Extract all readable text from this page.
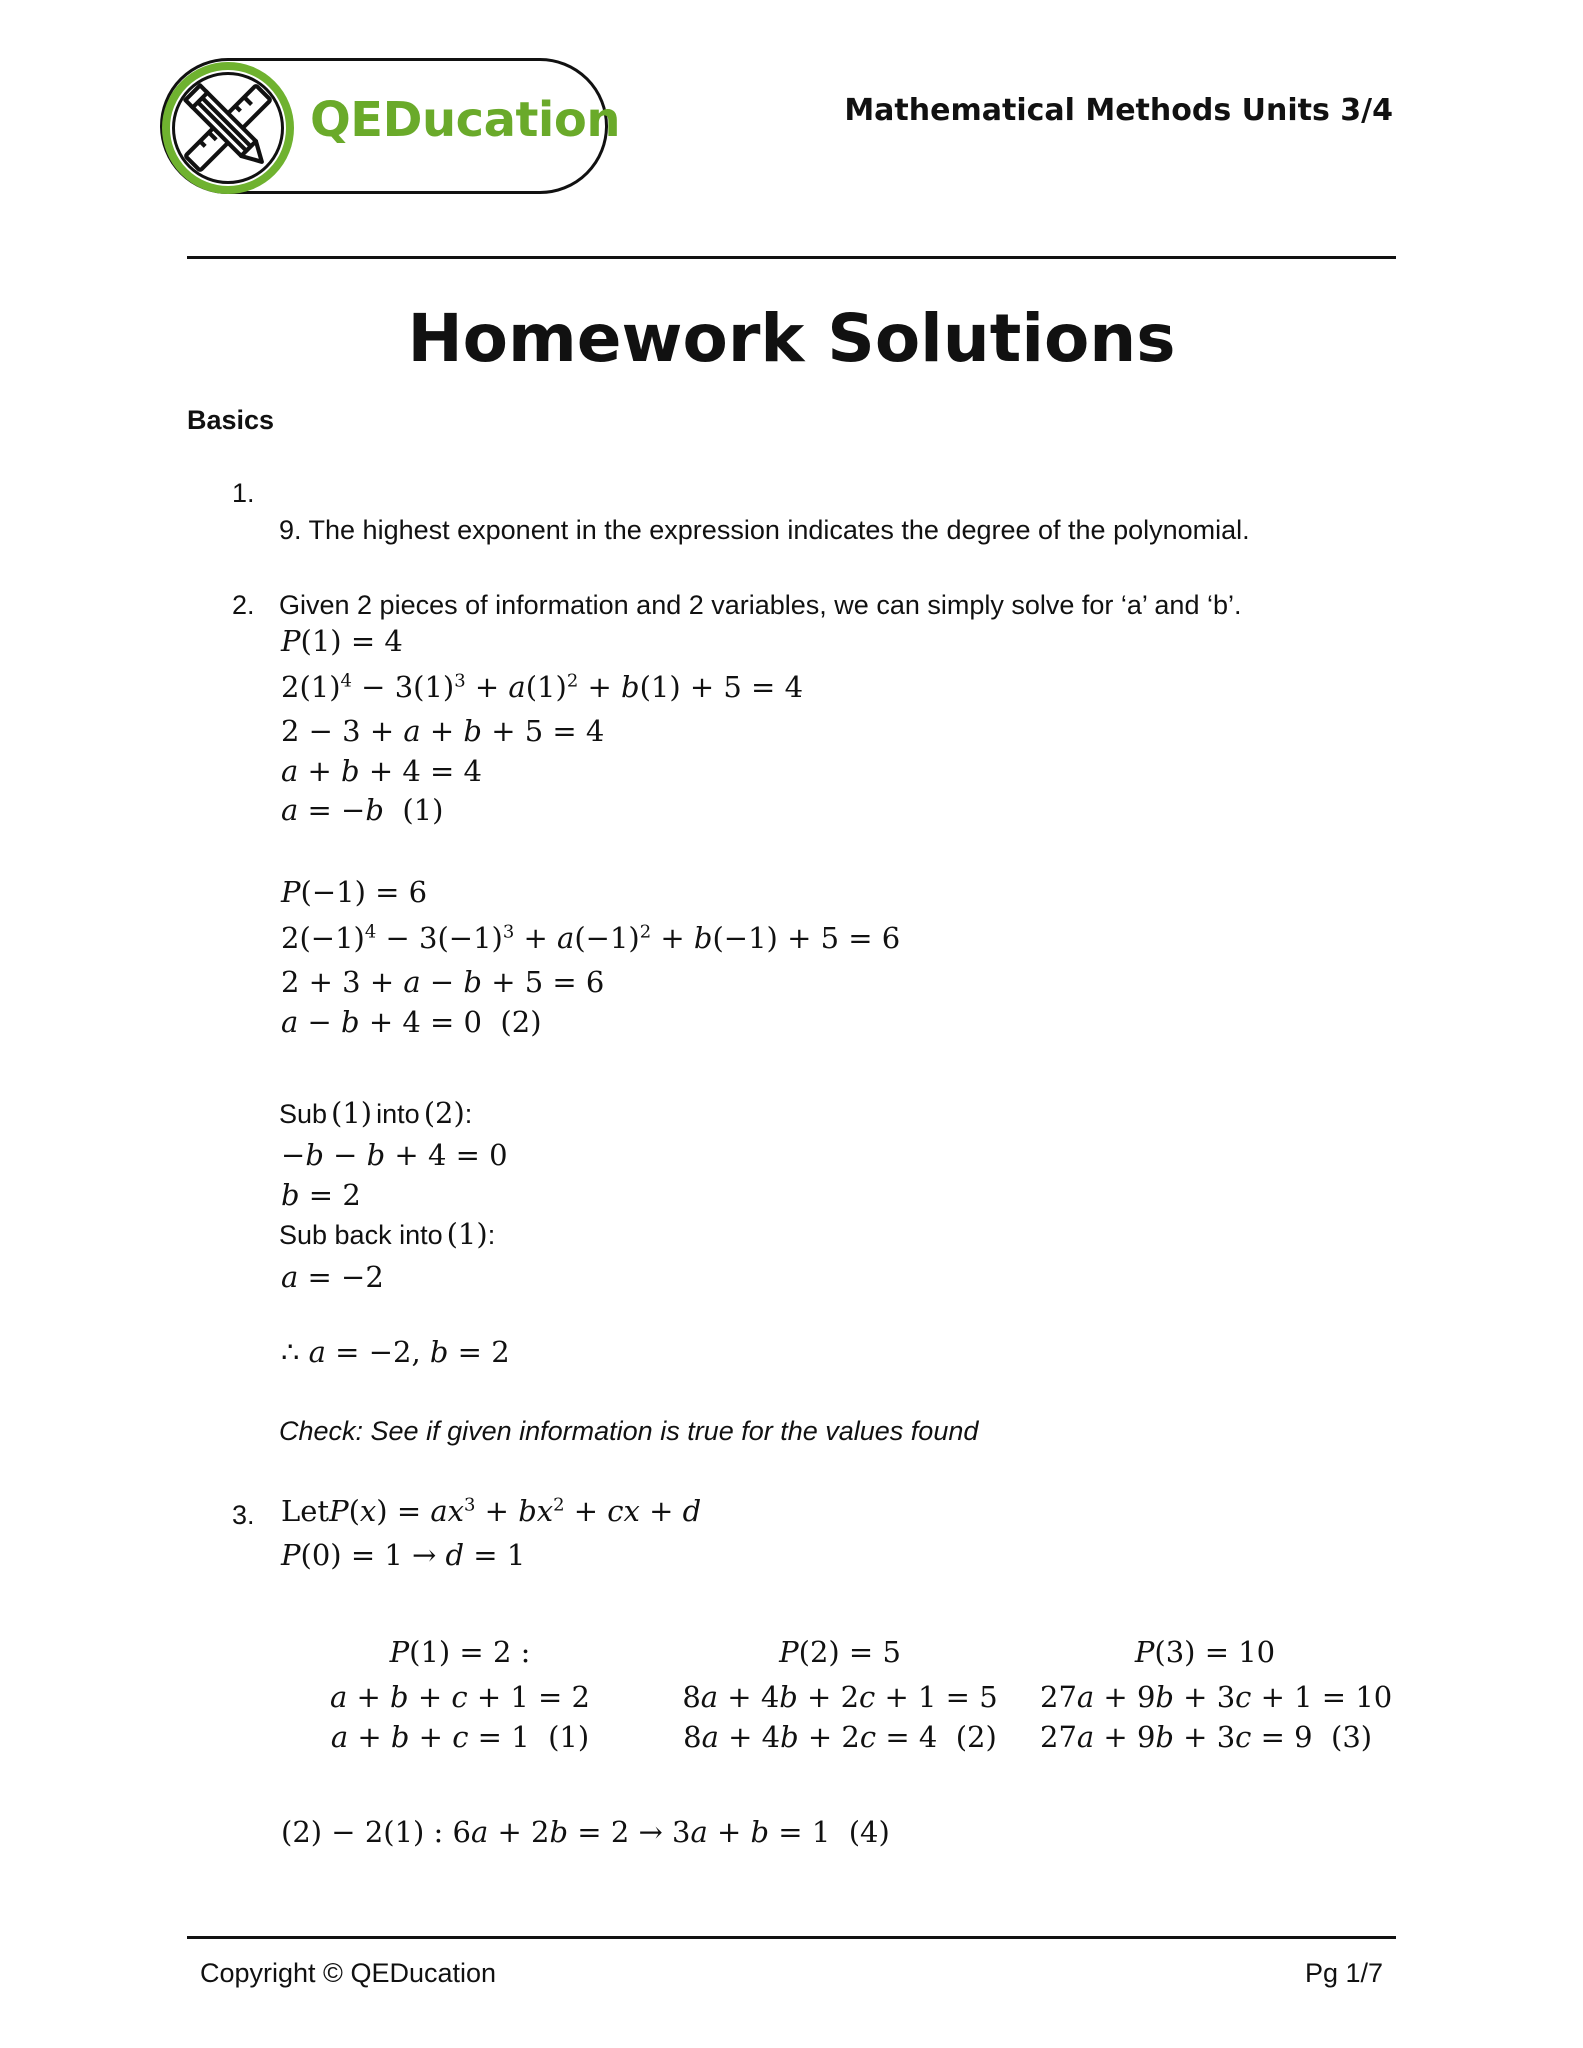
QEDucation	Mathematical Methods Units 3/4
Homework Solutions
Basics
1.
9. The highest exponent in the expression indicates the degree of the polynomial.
2. Given 2 pieces of information and 2 variables, we can simply solve for ‘a’ and ‘b’.
P(1) = 4
$2(1)^4 - 3(1)^3 + a(1)^2 + b(1) + 5 = 4$
2 − 3 + a + b + 5 = 4
a + b + 4 = 4
a = −b  (1)
P(−1) = 6
$2(-1)^4 - 3(-1)^3 + a(-1)^2 + b(-1) + 5 = 6$
2 + 3 + a − b + 5 = 6
a − b + 4 = 0  (2)
Sub (1) into (2):
−b − b + 4 = 0
b = 2
Sub back into (1):
a = −2
∴ a = −2, b = 2
Check: See if given information is true for the values found
3. LetP(x) = $ax^3 + bx^2$ + cx + d
P(0) = 1 → d = 1
P(1) = 2 :
a + b + c + 1 = 2
a + b + c = 1  (1)
P(2) = 5
8a + 4b + 2c + 1 = 5
8a + 4b + 2c = 4  (2)
P(3) = 10
27a + 9b + 3c + 1 = 10
27a + 9b + 3c = 9  (3)
(2) − 2(1) : 6a + 2b = 2 → 3a + b = 1  (4)
Copyright © QEDucation	Pg 1/7
